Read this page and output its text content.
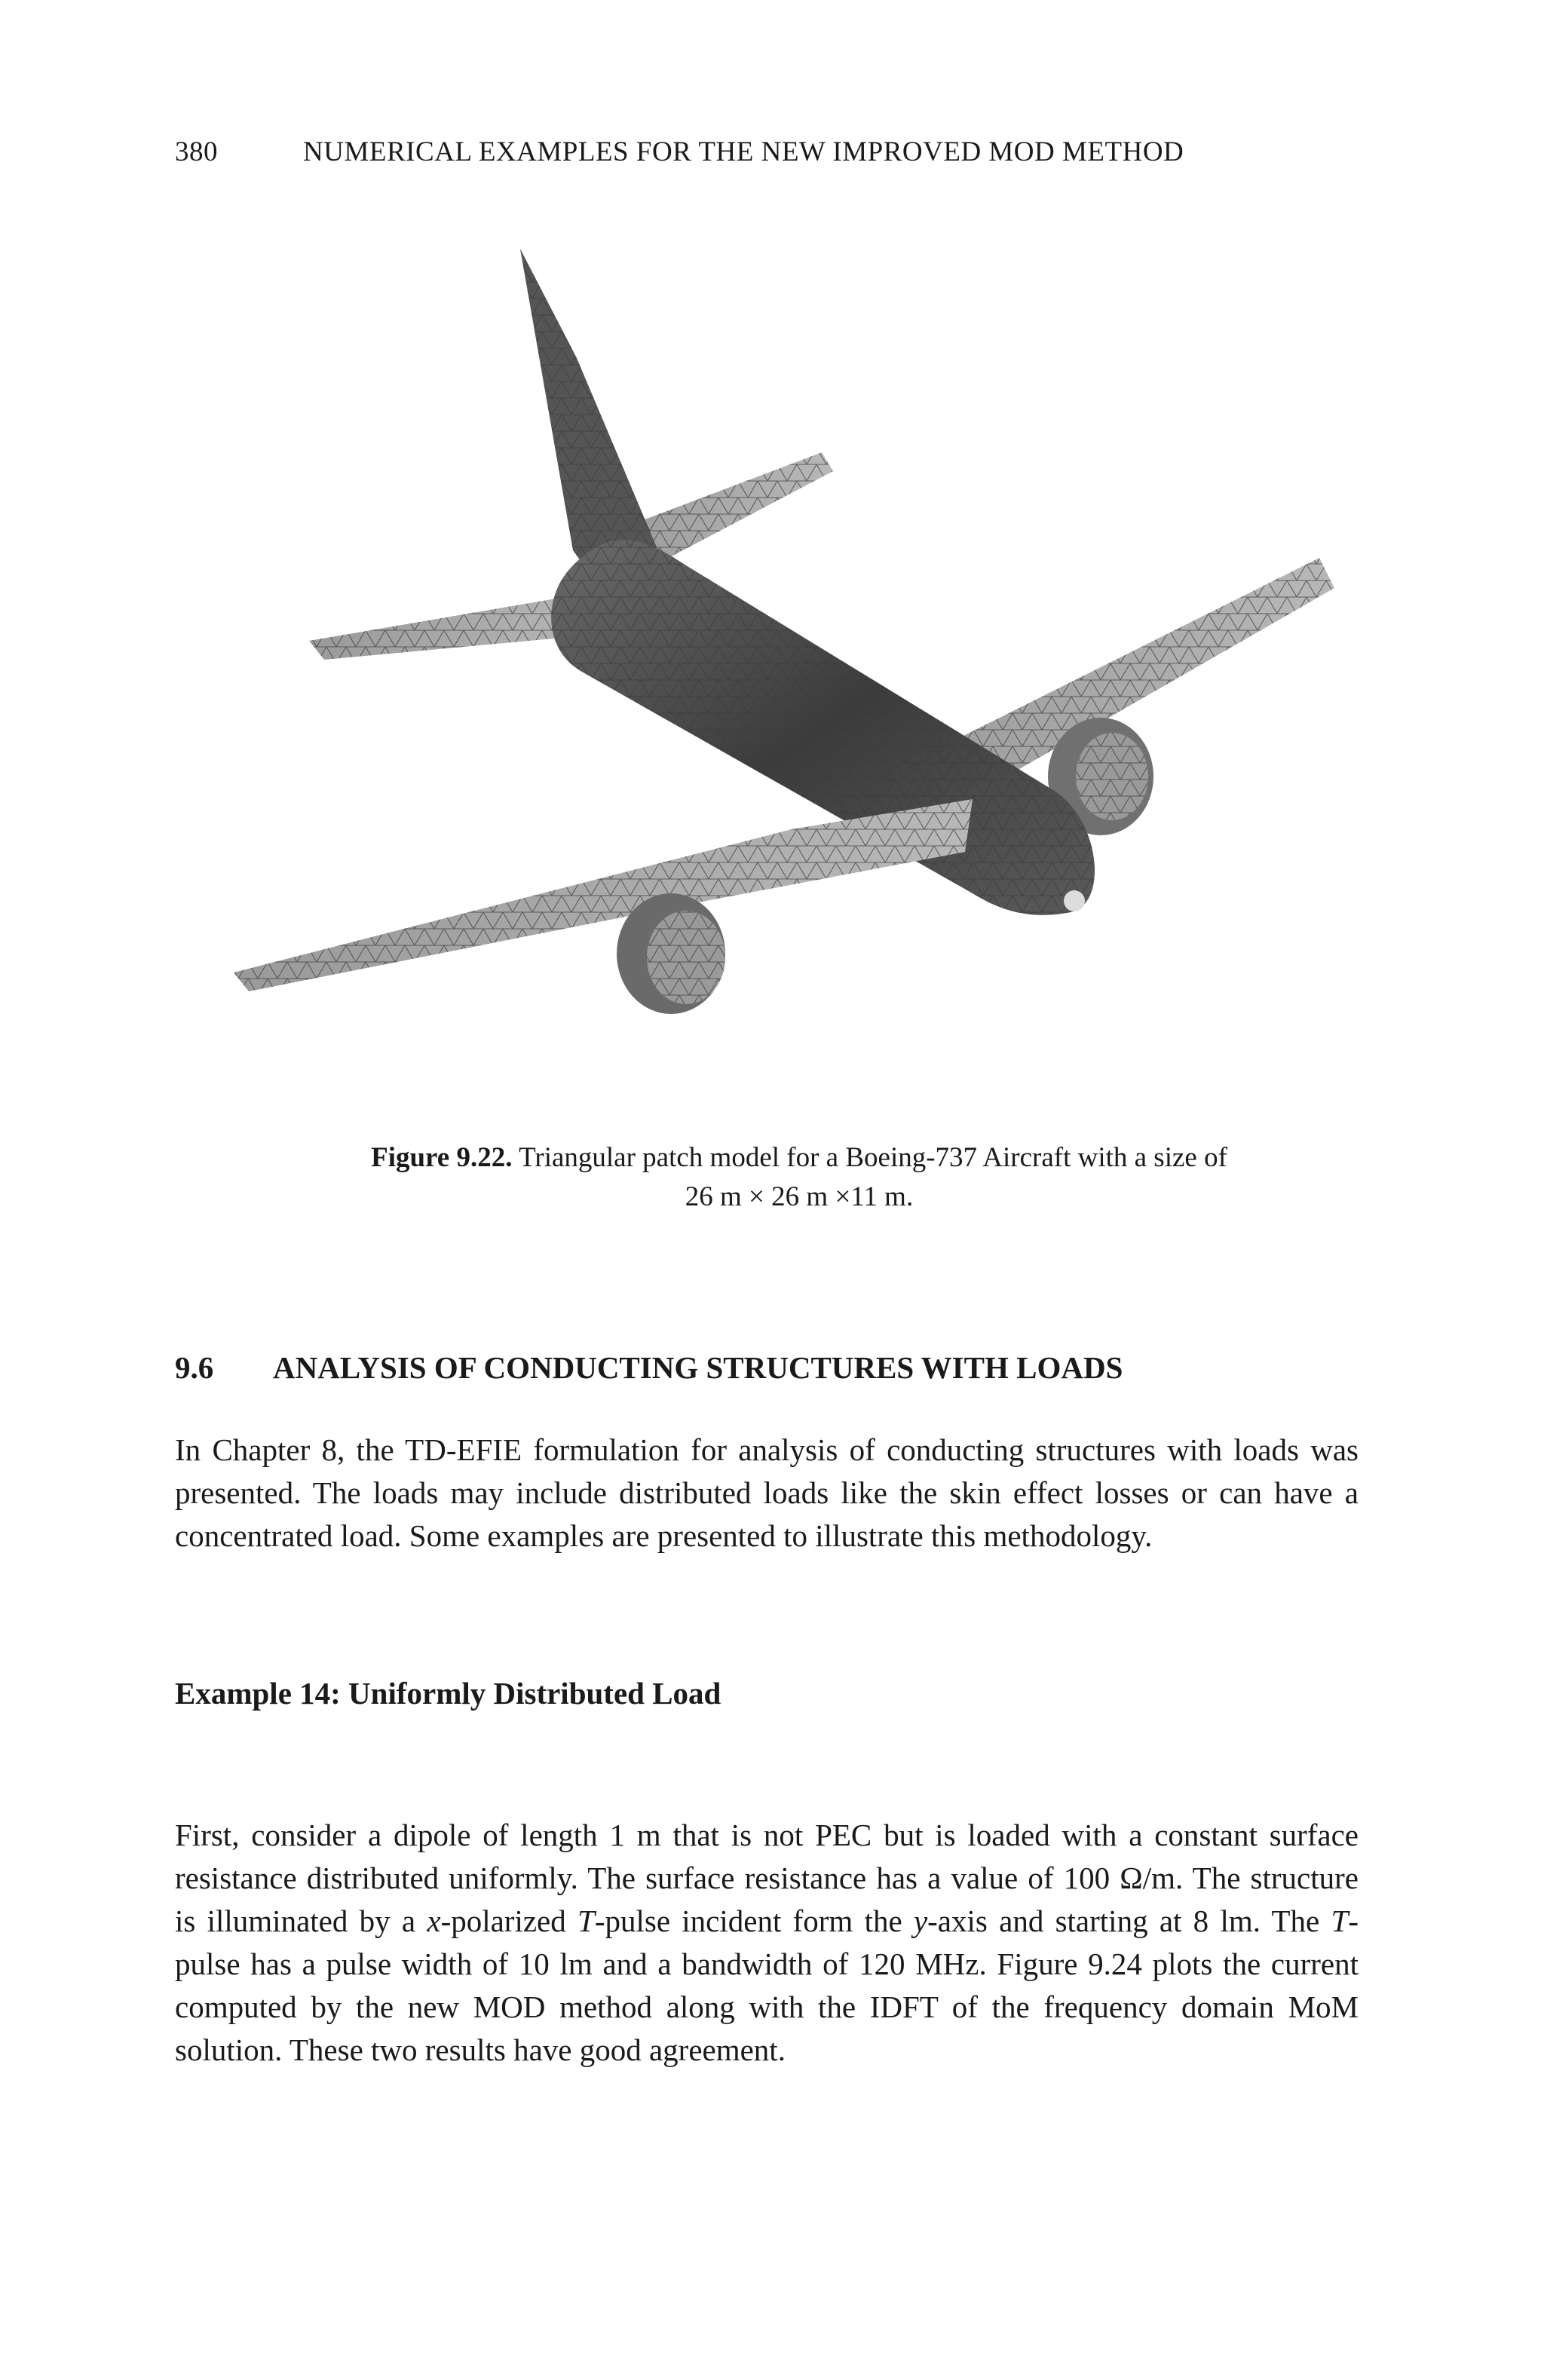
380	NUMERICAL EXAMPLES FOR THE NEW IMPROVED MOD METHOD
Figure 9.22. Triangular patch model for a Boeing-737 Aircraft with a size of
26 m × 26 m ×11 m.
9.6 ANALYSIS OF CONDUCTING STRUCTURES WITH LOADS

In Chapter 8, the TD-EFIE formulation for analysis of conducting structures with loads was presented. The loads may include distributed loads like the skin effect losses or can have a concentrated load. Some examples are presented to illustrate this methodology.

Example 14: Uniformly Distributed Load

First, consider a dipole of length 1 m that is not PEC but is loaded with a constant surface resistance distributed uniformly. The surface resistance has a value of 100 Ω/m. The structure is illuminated by a x-polarized T-pulse incident form the y-axis and starting at 8 lm. The T-pulse has a pulse width of 10 lm and a bandwidth of 120 MHz. Figure 9.24 plots the current computed by the new MOD method along with the IDFT of the frequency domain MoM solution. These two results have good agreement.
